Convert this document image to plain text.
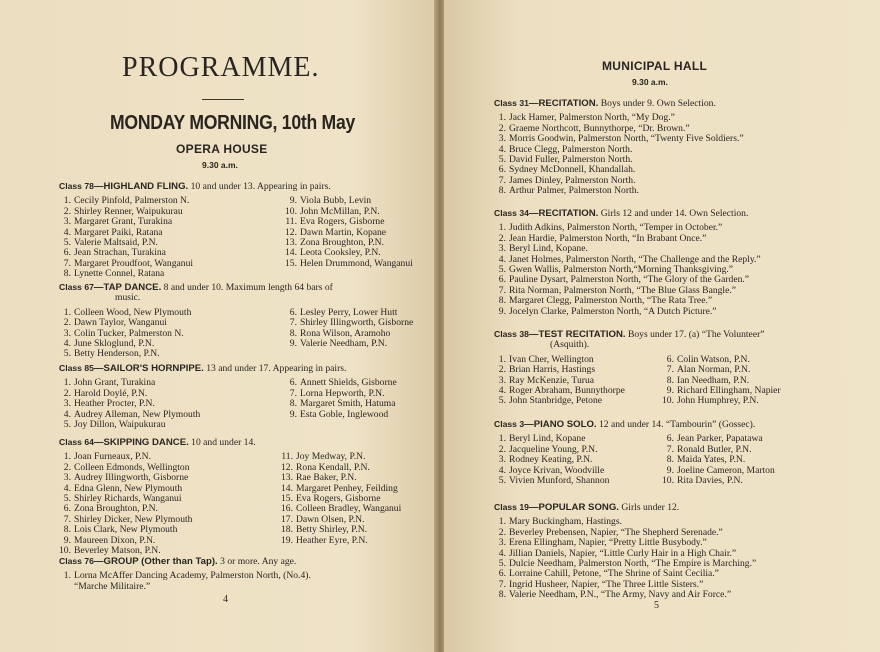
PROGRAMME.
MONDAY MORNING, 10th May
OPERA HOUSE
9.30 a.m.
Class 78—HIGHLAND FLING. 10 and under 13. Appearing in pairs.
1. Cecily Pinfold, Palmerston N.
2. Shirley Renner, Waipukurau
3. Margaret Grant, Turakina
4. Margaret Paiki, Ratana
5. Valerie Maltsaid, P.N.
6. Jean Strachan, Turakina
7. Margaret Proudfoot, Wanganui
8. Lynette Connel, Ratana
9. Viola Bubb, Levin
10. John McMillan, P.N.
11. Eva Rogers, Gisborne
12. Dawn Martin, Kopane
13. Zona Broughton, P.N.
14. Leota Cooksley, P.N.
15. Helen Drummond, Wanganui
Class 67—TAP DANCE. 8 and under 10. Maximum length 64 bars of
music.
1. Colleen Wood, New Plymouth
2. Dawn Taylor, Wanganui
3. Colin Tucker, Palmerston N.
4. June Skloglund, P.N.
5. Betty Henderson, P.N.
6. Lesley Perry, Lower Hutt
7. Shirley Illingworth, Gisborne
8. Rona Wilson, Aramoho
9. Valerie Needham, P.N.
Class 85—SAILOR'S HORNPIPE. 13 and under 17. Appearing in pairs.
1. John Grant, Turakina
2. Harold Doylé, P.N.
3. Heather Procter, P.N.
4. Audrey Alleman, New Plymouth
5. Joy Dillon, Waipukurau
6. Annett Shields, Gisborne
7. Lorna Hepworth, P.N.
8. Margaret Smith, Hatuma
9. Esta Goble, Inglewood
Class 64—SKIPPING DANCE. 10 and under 14.
1. Joan Furneaux, P.N.
2. Colleen Edmonds, Wellington
3. Audrey Illingworth, Gisborne
4. Edna Glenn, New Plymouth
5. Shirley Richards, Wanganui
6. Zona Broughton, P.N.
7. Shirley Dicker, New Plymouth
8. Lois Clark, New Plymouth
9. Maureen Dixon, P.N.
10. Beverley Matson, P.N.
11. Joy Medway, P.N.
12. Rona Kendall, P.N.
13. Rae Baker, P.N.
14. Margaret Penhey, Feilding
15. Eva Rogers, Gisborne
16. Colleen Bradley, Wanganui
17. Dawn Olsen, P.N.
18. Betty Shirley, P.N.
19. Heather Eyre, P.N.
Class 76—GROUP (Other than Tap). 3 or more. Any age.
1. Lorna McAffer Dancing Academy, Palmerston North, (No.4).
“Marche Militaire.”
4
MUNICIPAL HALL
9.30 a.m.
Class 31—RECITATION. Boys under 9. Own Selection.
1. Jack Hamer, Palmerston North, “My Dog.”
2. Graeme Northcott, Bunnythorpe, “Dr. Brown.”
3. Morris Goodwin, Palmerston North, “Twenty Five Soldiers.”
4. Bruce Clegg, Palmerston North.
5. David Fuller, Palmerston North.
6. Sydney McDonnell, Khandallah.
7. James Dinley, Palmerston North.
8. Arthur Palmer, Palmerston North.
Class 34—RECITATION. Girls 12 and under 14. Own Selection.
1. Judith Adkins, Palmerston North, “Temper in October.”
2. Jean Hardie, Palmerston North, “In Brabant Once.”
3. Beryl Lind, Kopane.
4. Janet Holmes, Palmerston North, “The Challenge and the Reply.”
5. Gwen Wallis, Palmerston North,“Morning Thanksgiving.”
6. Pauline Dysart, Palmerston North, “The Glory of the Garden.”
7. Rita Norman, Palmerston North, “The Blue Glass Bangle.”
8. Margaret Clegg, Palmerston North, “The Rata Tree.”
9. Jocelyn Clarke, Palmerston North, “A Dutch Picture.”
Class 38—TEST RECITATION. Boys under 17. (a) “The Volunteer”
(Asquith).
1. Ivan Cher, Wellington
2. Brian Harris, Hastings
3. Ray McKenzie, Turua
4. Roger Abraham, Bunnythorpe
5. John Stanbridge, Petone
6. Colin Watson, P.N.
7. Alan Norman, P.N.
8. Ian Needham, P.N.
9. Richard Ellingham, Napier
10. John Humphrey, P.N.
Class 3—PIANO SOLO. 12 and under 14. “Tambourin” (Gossec).
1. Beryl Lind, Kopane
2. Jacqueline Young, P.N.
3. Rodney Keating, P.N.
4. Joyce Krivan, Woodville
5. Vivien Munford, Shannon
6. Jean Parker, Papatawa
7. Ronald Butler, P.N.
8. Maida Yates, P.N.
9. Joeline Cameron, Marton
10. Rita Davies, P.N.
Class 19—POPULAR SONG. Girls under 12.
1. Mary Buckingham, Hastings.
2. Beverley Prebensen, Napier, “The Shepherd Serenade.”
3. Erena Ellingham, Napier, “Pretty Little Busybody.”
4. Jillian Daniels, Napier, “Little Curly Hair in a High Chair.”
5. Dulcie Needham, Palmerston North, “The Empire is Marching.”
6. Lorraine Cahill, Petone, “The Shrine of Saint Cecilia.”
7. Ingrid Husheer, Napier, “The Three Little Sisters.”
8. Valerie Needham, P.N., “The Army, Navy and Air Force.”
5
